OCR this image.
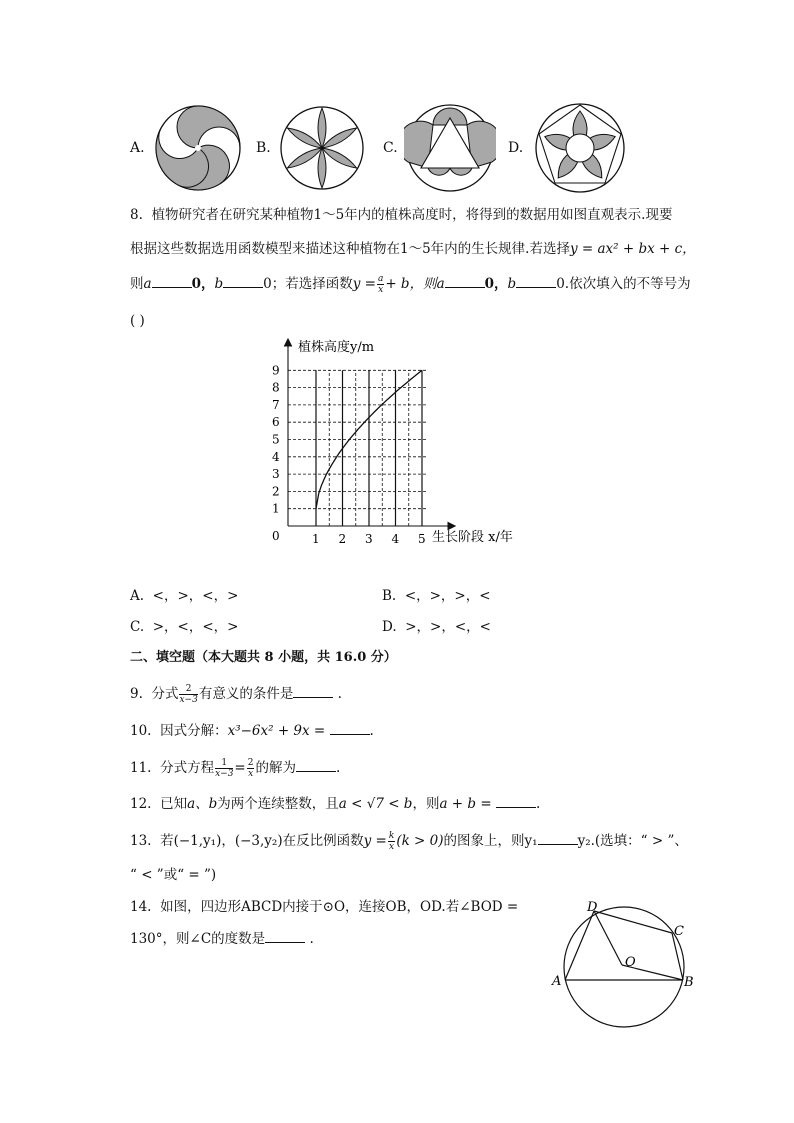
A.	B.	C.	D.
8. 植物研究者在研究某种植物1～5年内的植株高度时，将得到的数据用如图直观表示.现要
根据这些数据选用函数模型来描述这种植物在1～5年内的生长规律.若选择y = ax² + bx + c，
则a	0，b	0；若选择函数$y = \frac{a}{x} + b$，则a	0，b	0.依次填入的不等号为
( )
植株高度y/m
生长阶段 x/年
0
1
2
3
4
5
6
7
8
9
1 2 3 4 5
A. <，>，<，>	B. <，>，>，<
C. >，<，<，>	D. >，>，<，<
二、填空题（本大题共 8 小题，共 16.0 分）
9. 分式 $\frac{2}{x-3}$ 有意义的条件是	.
10. 因式分解：x³−6x² + 9x =	.
11. 分式方程 $\frac{1}{x-3} = \frac{2}{x}$ 的解为	.
12. 已知a、b为两个连续整数，且a < √7 < b，则a + b =	.
13. 若(−1,y₁)，(−3,y₂)在反比例函数$y = \frac{k}{x} (k > 0)$的图象上，则y₁	y₂.(选填：“ > ”、
“ < ”或“ = ”)
14. 如图，四边形ABCD内接于⊙O，连接OB，OD.若∠BOD =
130°，则∠C的度数是	.
A	B
C
D
O
